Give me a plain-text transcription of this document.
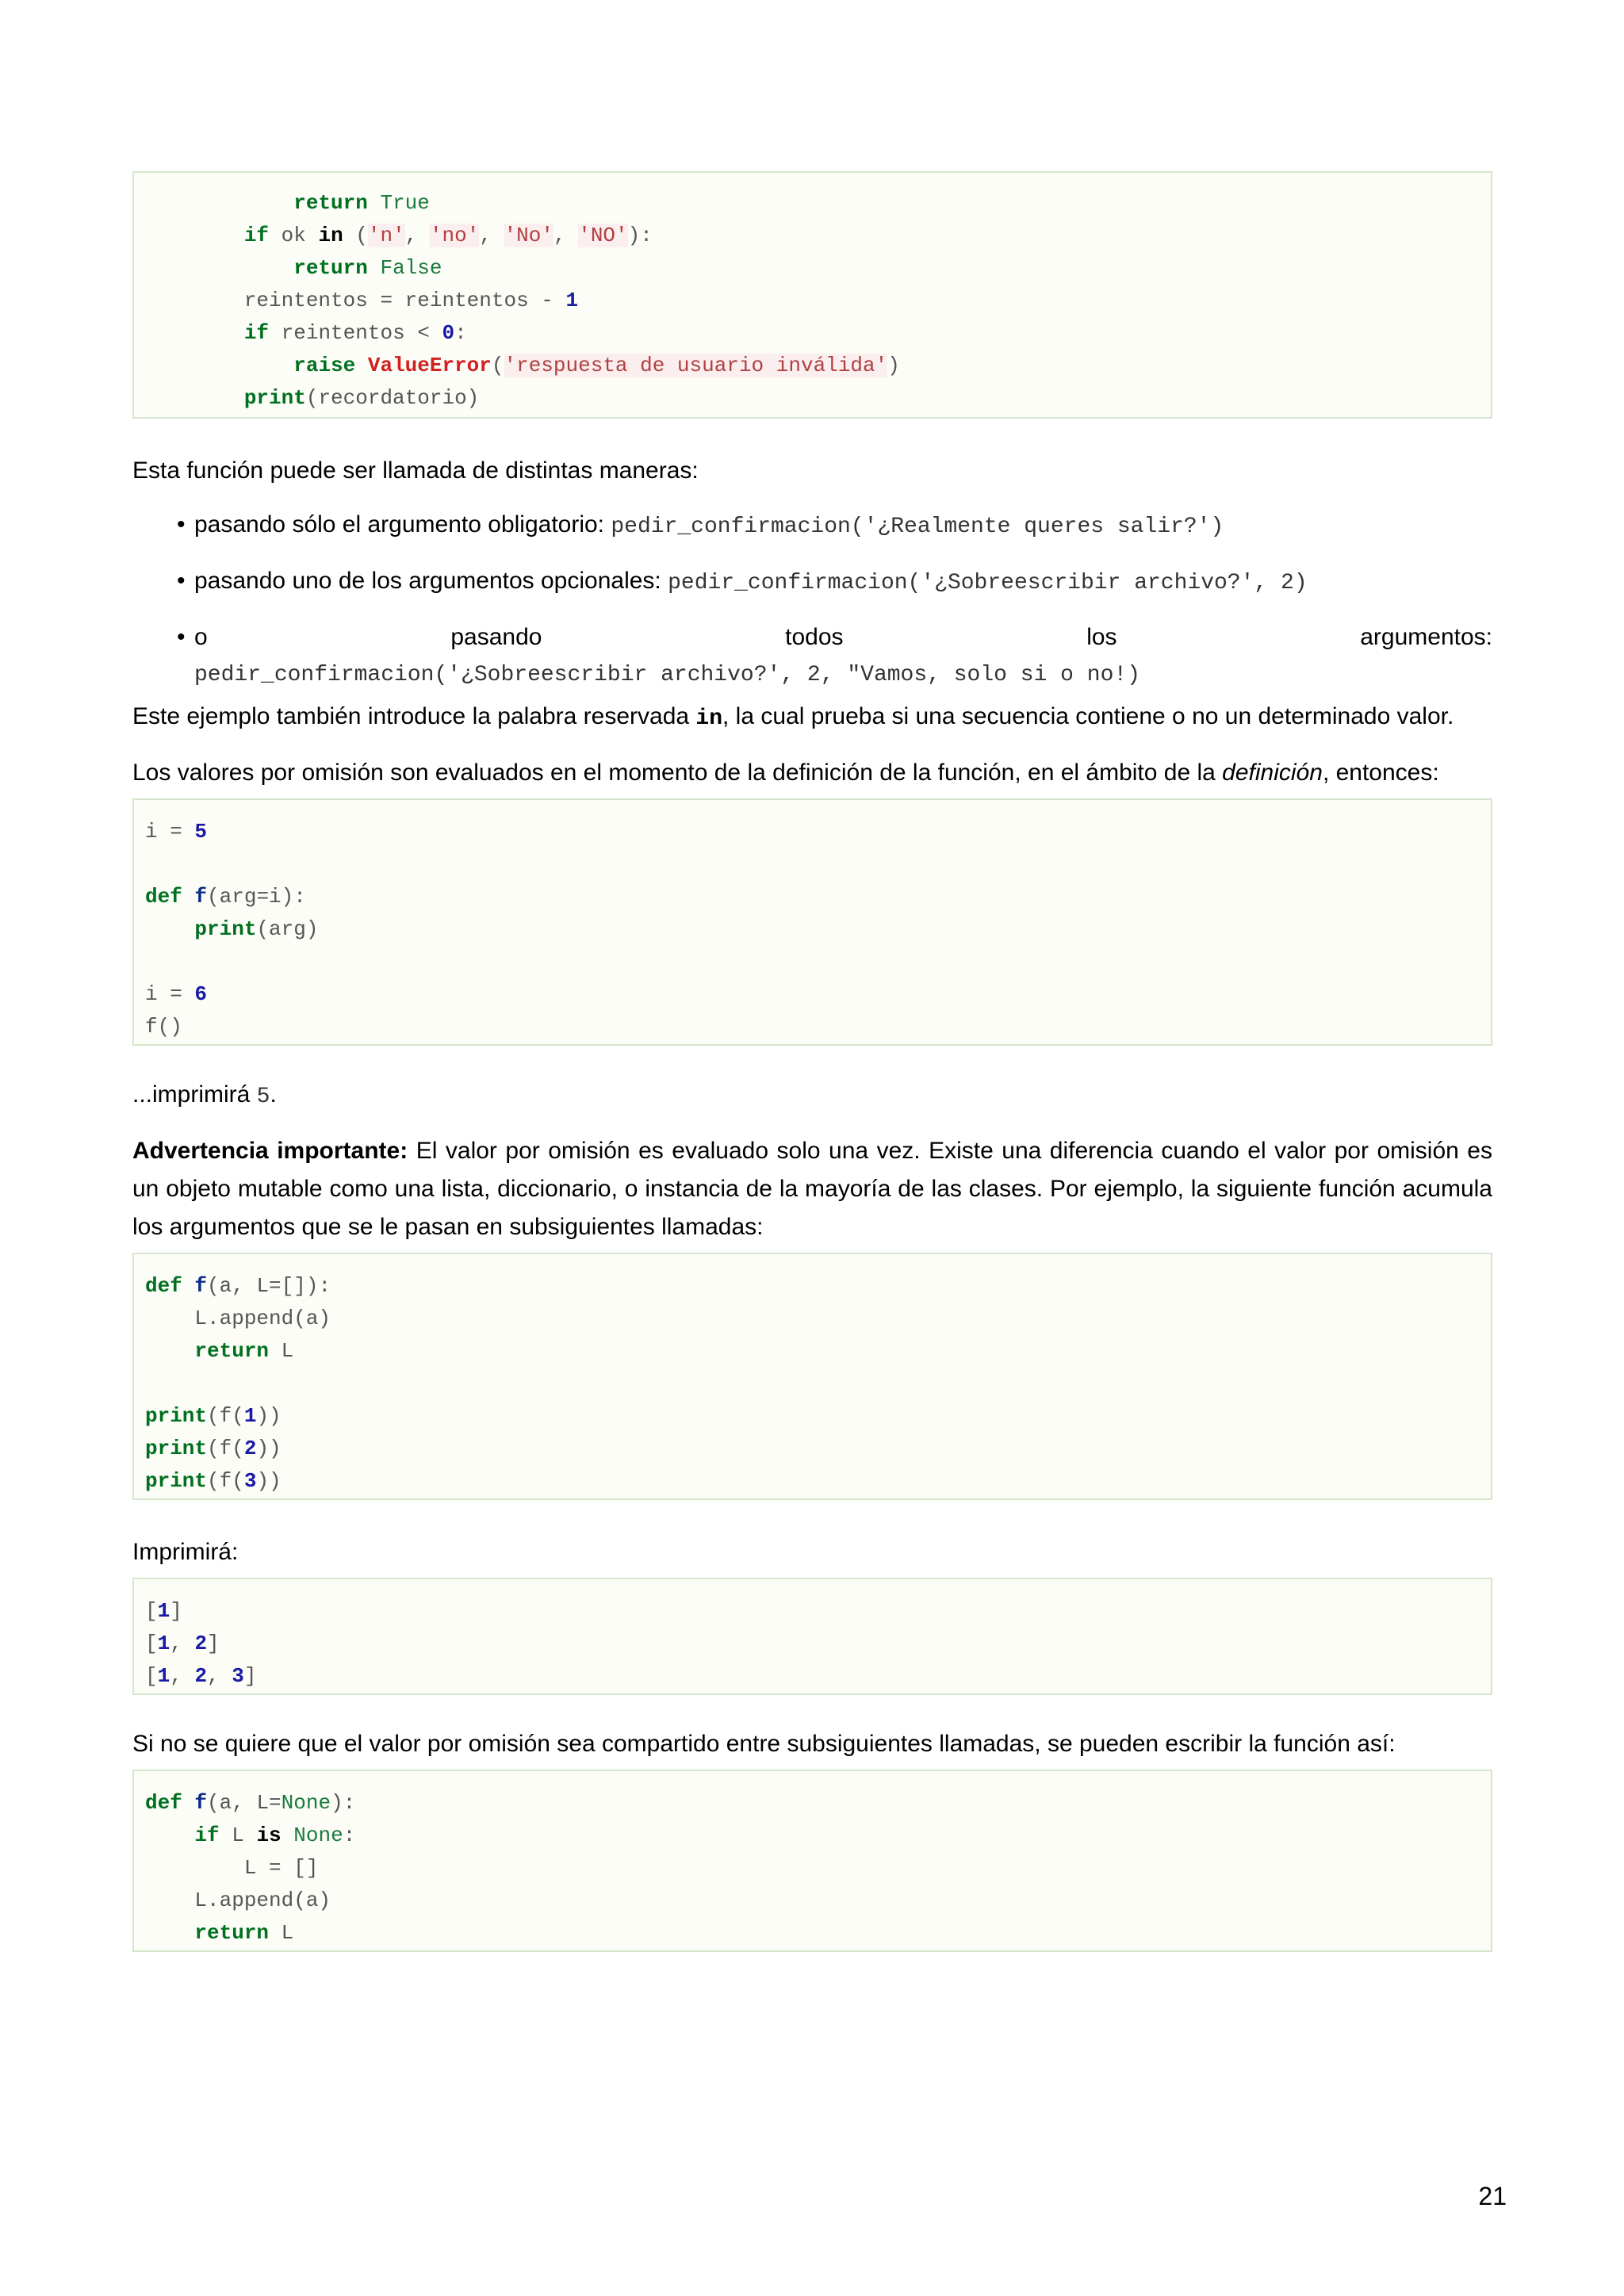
return True
if ok in ('n', 'no', 'No', 'NO'):
return False
reintentos = reintentos - 1
if reintentos < 0:
raise ValueError('respuesta de usuario inválida')
print(recordatorio)

Esta función puede ser llamada de distintas maneras:

• pasando sólo el argumento obligatorio: pedir_confirmacion('¿Realmente queres salir?')
• pasando uno de los argumentos opcionales: pedir_confirmacion('¿Sobreescribir archivo?', 2)
• o	pasando	todos	los	argumentos:
pedir_confirmacion('¿Sobreescribir archivo?', 2, "Vamos, solo si o no!)

Este ejemplo también introduce la palabra reservada in, la cual prueba si una secuencia contiene o no un determinado valor.

Los valores por omisión son evaluados en el momento de la definición de la función, en el ámbito de la definición, entonces:

i = 5
def f(arg=i):
print(arg)
i = 6
f()

...imprimirá 5.

Advertencia importante: El valor por omisión es evaluado solo una vez. Existe una diferencia cuando el valor por omisión es un objeto mutable como una lista, diccionario, o instancia de la mayoría de las clases. Por ejemplo, la siguiente función acumula los argumentos que se le pasan en subsiguientes llamadas:

def f(a, L=[]):
L.append(a)
return L
print(f(1))
print(f(2))
print(f(3))

Imprimirá:

[1]
[1, 2]
[1, 2, 3]

Si no se quiere que el valor por omisión sea compartido entre subsiguientes llamadas, se pueden escribir la función así:

def f(a, L=None):
if L is None:
L = []
L.append(a)
return L
21
